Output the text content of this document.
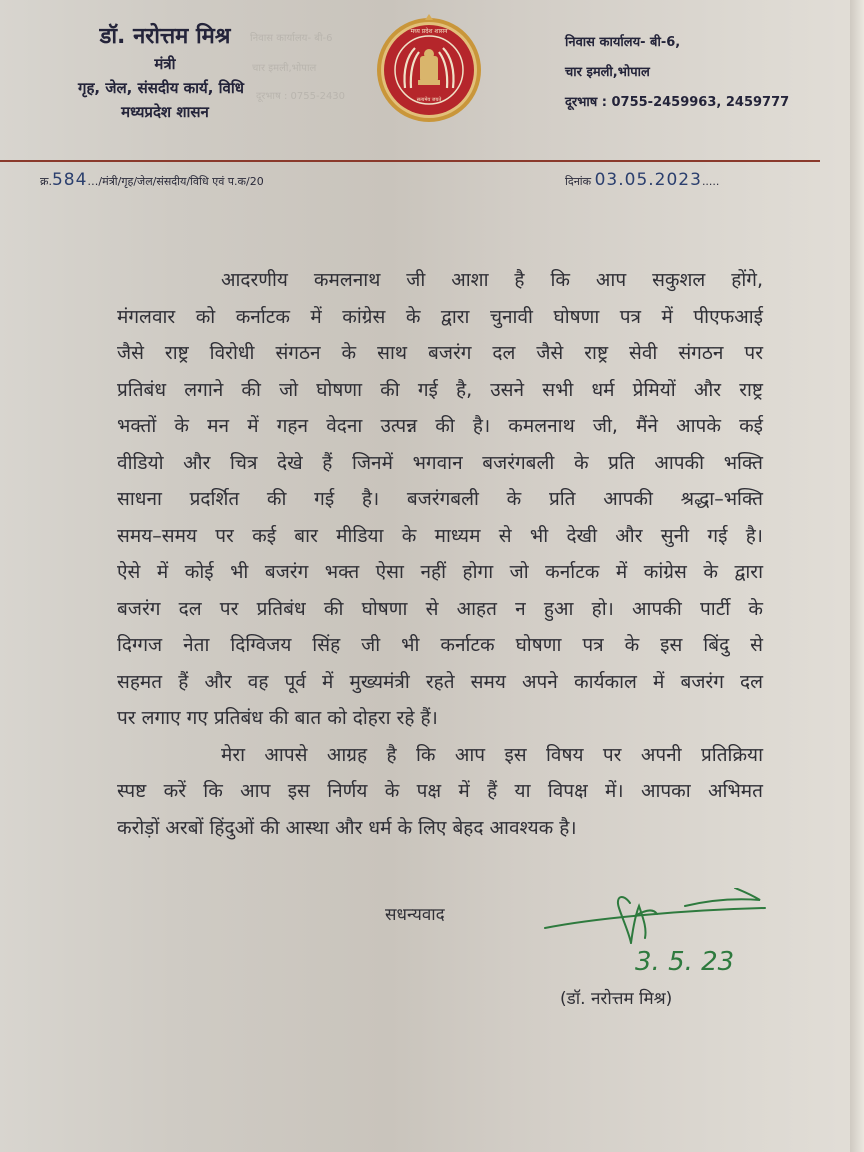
निवास कार्यालय- बी-6
चार इमली,भोपाल
दूरभाष : 0755-2430
डॉ. नरोत्तम मिश्र
मंत्री
गृह, जेल, संसदीय कार्य, विधि
मध्यप्रदेश शासन
मध्य प्रदेश शासन
सत्यमेव जयते
निवास कार्यालय- बी-6,
चार इमली,भोपाल
दूरभाष : 0755-2459963, 2459777
क्र.584…/मंत्री/गृह/जेल/संसदीय/विधि एवं प.क/20	दिनांक 03.05.2023.....
आदरणीय कमलनाथ जी आशा है कि आप सकुशल होंगे,
मंगलवार को कर्नाटक में कांग्रेस के द्वारा चुनावी घोषणा पत्र में पीएफआई
जैसे राष्ट्र विरोधी संगठन के साथ बजरंग दल जैसे राष्ट्र सेवी संगठन पर
प्रतिबंध लगाने की जो घोषणा की गई है, उसने सभी धर्म प्रेमियों और राष्ट्र
भक्तों के मन में गहन वेदना उत्पन्न की है। कमलनाथ जी, मैंने आपके कई
वीडियो और चित्र देखे हैं जिनमें भगवान बजरंगबली के प्रति आपकी भक्ति
साधना प्रदर्शित की गई है। बजरंगबली के प्रति आपकी श्रद्धा–भक्ति
समय–समय पर कई बार मीडिया के माध्यम से भी देखी और सुनी गई है।
ऐसे में कोई भी बजरंग भक्त ऐसा नहीं होगा जो कर्नाटक में कांग्रेस के द्वारा
बजरंग दल पर प्रतिबंध की घोषणा से आहत न हुआ हो। आपकी पार्टी के
दिग्गज नेता दिग्विजय सिंह जी भी कर्नाटक घोषणा पत्र के इस बिंदु से
सहमत हैं और वह पूर्व में मुख्यमंत्री रहते समय अपने कार्यकाल में बजरंग दल
पर लगाए गए प्रतिबंध की बात को दोहरा रहे हैं।
मेरा आपसे आग्रह है कि आप इस विषय पर अपनी प्रतिक्रिया
स्पष्ट करें कि आप इस निर्णय के पक्ष में हैं या विपक्ष में। आपका अभिमत
करोड़ों अरबों हिंदुओं की आस्था और धर्म के लिए बेहद आवश्यक है।
सधन्यवाद
3. 5. 23
(डॉ. नरोत्तम मिश्र)
